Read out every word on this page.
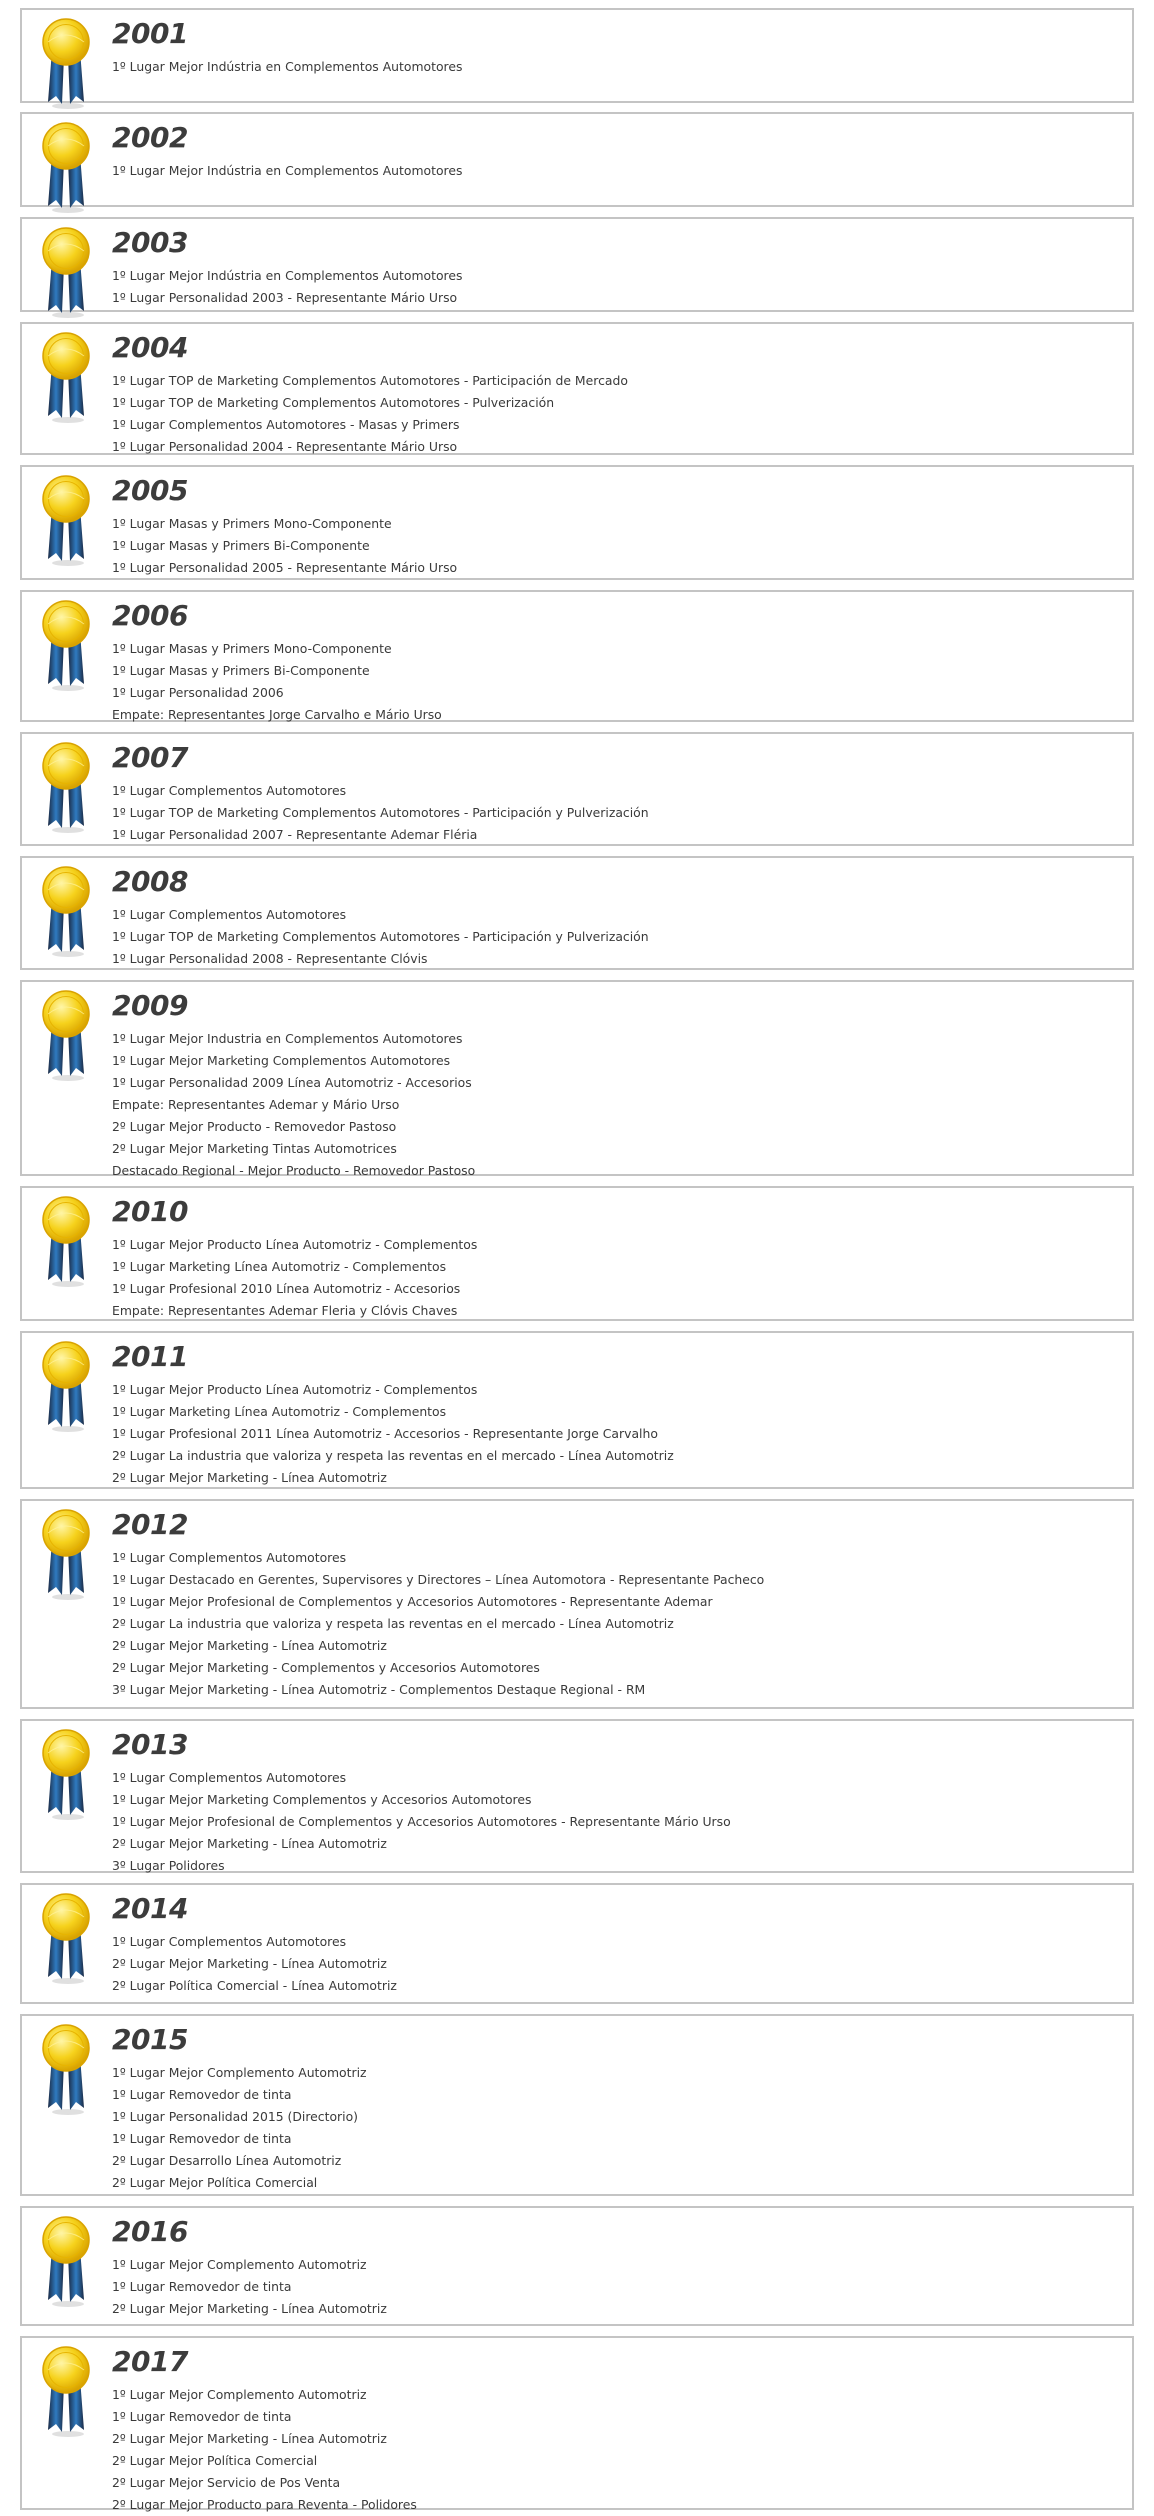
2001
1º Lugar Mejor Indústria en Complementos Automotores
2002
1º Lugar Mejor Indústria en Complementos Automotores
2003
1º Lugar Mejor Indústria en Complementos Automotores
1º Lugar Personalidad 2003 - Representante Mário Urso
2004
1º Lugar TOP de Marketing Complementos Automotores - Participación de Mercado
1º Lugar TOP de Marketing Complementos Automotores - Pulverización
1º Lugar Complementos Automotores - Masas y Primers
1º Lugar Personalidad 2004 - Representante Mário Urso
2005
1º Lugar Masas y Primers Mono-Componente
1º Lugar Masas y Primers Bi-Componente
1º Lugar Personalidad 2005 - Representante Mário Urso
2006
1º Lugar Masas y Primers Mono-Componente
1º Lugar Masas y Primers Bi-Componente
1º Lugar Personalidad 2006
Empate: Representantes Jorge Carvalho e Mário Urso
2007
1º Lugar Complementos Automotores
1º Lugar TOP de Marketing Complementos Automotores - Participación y Pulverización
1º Lugar Personalidad 2007 - Representante Ademar Fléria
2008
1º Lugar Complementos Automotores
1º Lugar TOP de Marketing Complementos Automotores - Participación y Pulverización
1º Lugar Personalidad 2008 - Representante Clóvis
2009
1º Lugar Mejor Industria en Complementos Automotores
1º Lugar Mejor Marketing Complementos Automotores
1º Lugar Personalidad 2009 Línea Automotriz - Accesorios
Empate: Representantes Ademar y Mário Urso
2º Lugar Mejor Producto - Removedor Pastoso
2º Lugar Mejor Marketing Tintas Automotrices
Destacado Regional - Mejor Producto - Removedor Pastoso
2010
1º Lugar Mejor Producto Línea Automotriz - Complementos
1º Lugar Marketing Línea Automotriz - Complementos
1º Lugar Profesional 2010 Línea Automotriz - Accesorios
Empate: Representantes Ademar Fleria y Clóvis Chaves
2011
1º Lugar Mejor Producto Línea Automotriz - Complementos
1º Lugar Marketing Línea Automotriz - Complementos
1º Lugar Profesional 2011 Línea Automotriz - Accesorios - Representante Jorge Carvalho
2º Lugar La industria que valoriza y respeta las reventas en el mercado - Línea Automotriz
2º Lugar Mejor Marketing - Línea Automotriz
2012
1º Lugar Complementos Automotores
1º Lugar Destacado en Gerentes, Supervisores y Directores – Línea Automotora - Representante Pacheco
1º Lugar Mejor Profesional de Complementos y Accesorios Automotores - Representante Ademar
2º Lugar La industria que valoriza y respeta las reventas en el mercado - Línea Automotriz
2º Lugar Mejor Marketing - Línea Automotriz
2º Lugar Mejor Marketing - Complementos y Accesorios Automotores
3º Lugar Mejor Marketing - Línea Automotriz - Complementos Destaque Regional - RM
2013
1º Lugar Complementos Automotores
1º Lugar Mejor Marketing Complementos y Accesorios Automotores
1º Lugar Mejor Profesional de Complementos y Accesorios Automotores - Representante Mário Urso
2º Lugar Mejor Marketing - Línea Automotriz
3º Lugar Polidores
2014
1º Lugar Complementos Automotores
2º Lugar Mejor Marketing - Línea Automotriz
2º Lugar Política Comercial - Línea Automotriz
2015
1º Lugar Mejor Complemento Automotriz
1º Lugar Removedor de tinta
1º Lugar Personalidad 2015 (Directorio)
1º Lugar Removedor de tinta
2º Lugar Desarrollo Línea Automotriz
2º Lugar Mejor Política Comercial
2016
1º Lugar Mejor Complemento Automotriz
1º Lugar Removedor de tinta
2º Lugar Mejor Marketing - Línea Automotriz
2017
1º Lugar Mejor Complemento Automotriz
1º Lugar Removedor de tinta
2º Lugar Mejor Marketing - Línea Automotriz
2º Lugar Mejor Política Comercial
2º Lugar Mejor Servicio de Pos Venta
2º Lugar Mejor Producto para Reventa - Polidores
